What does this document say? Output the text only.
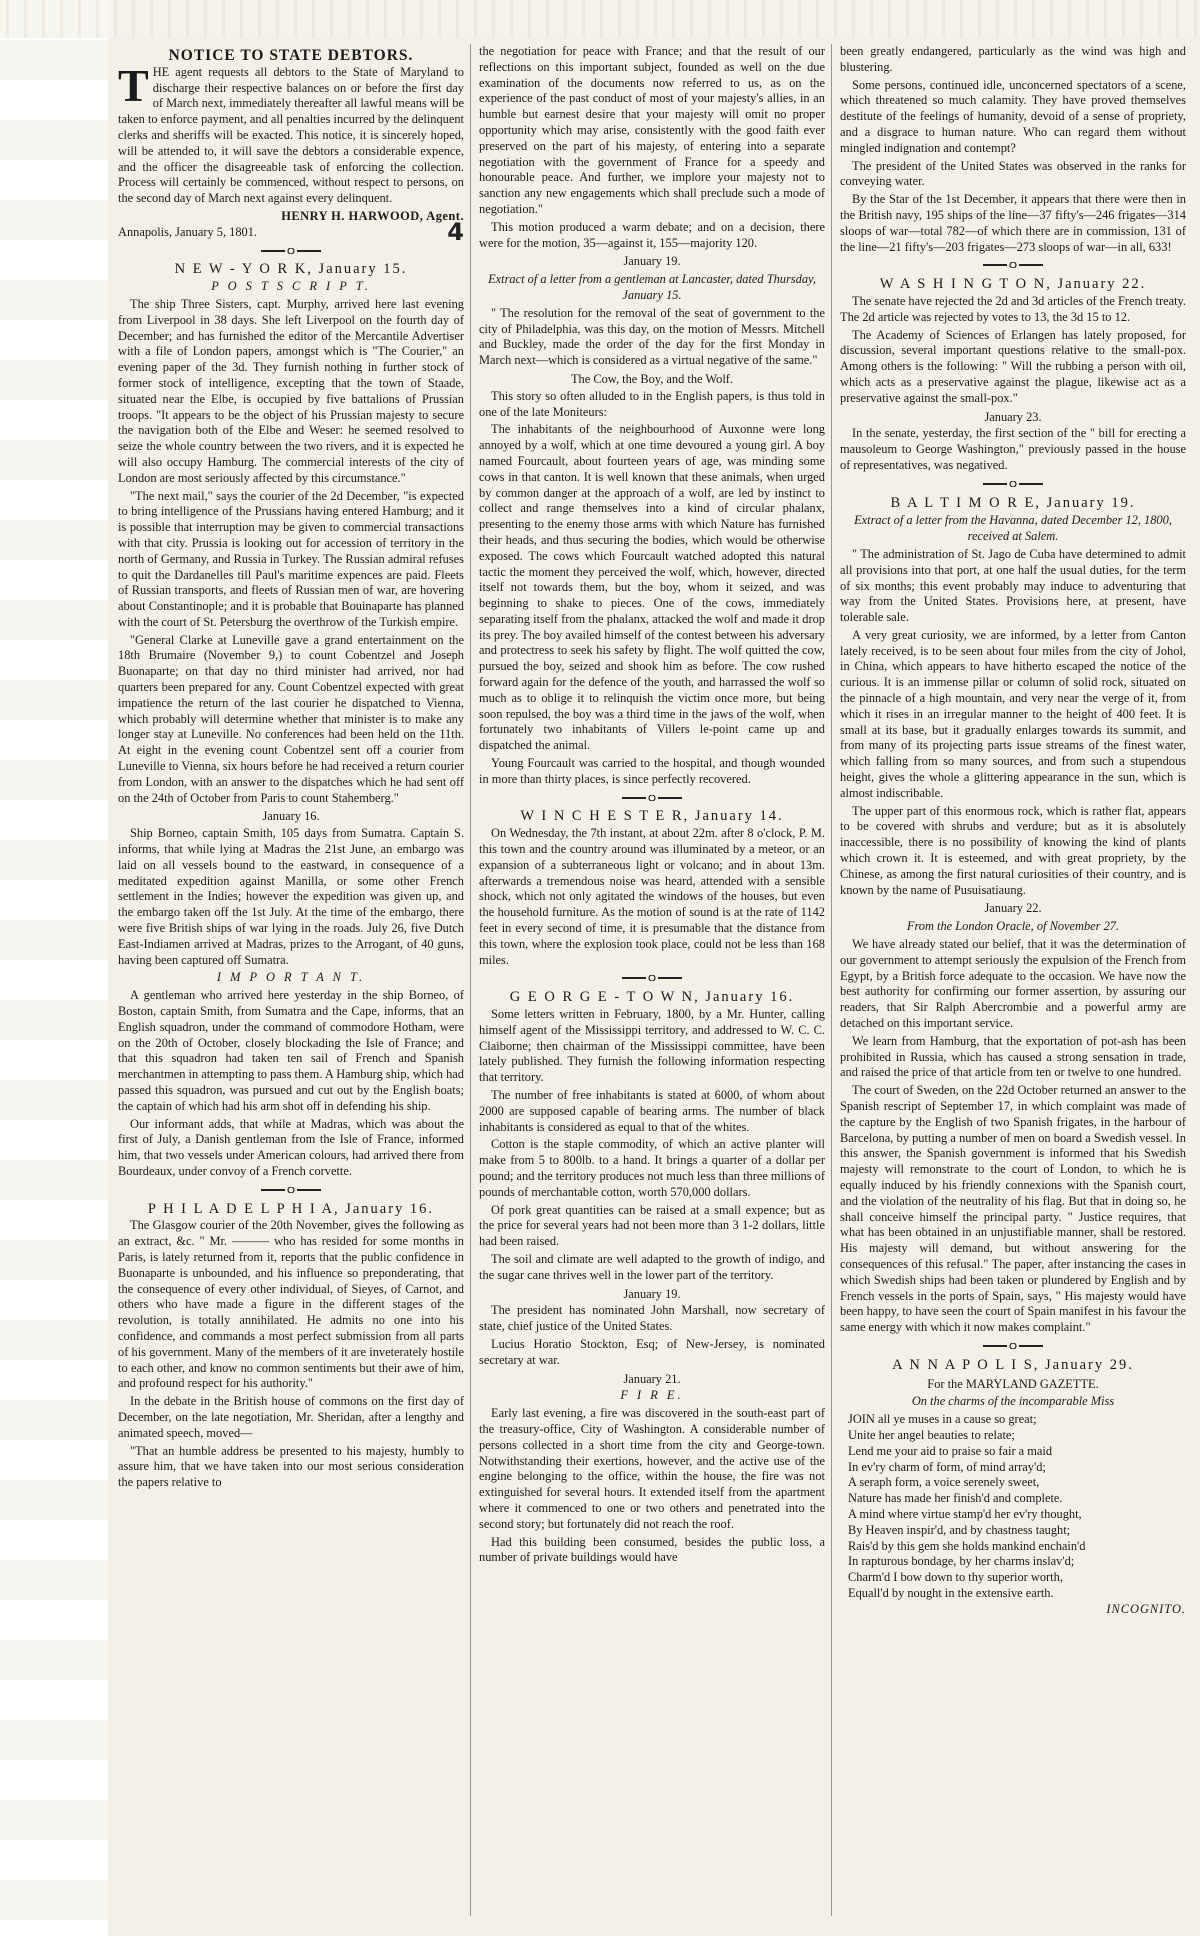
NOTICE TO STATE DEBTORS.

THE agent requests all debtors to the State of Maryland to discharge their respective balances on or before the first day of March next, immediately thereafter all lawful means will be taken to enforce payment, and all penalties incurred by the delinquent clerks and sheriffs will be exacted. This notice, it is sincerely hoped, will be attended to, it will save the debtors a considerable expence, and the officer the disagreeable task of enforcing the collection. Process will certainly be commenced, without respect to persons, on the second day of March next against every delinquent.

HENRY H. HARWOOD, Agent.
Annapolis, January 5, 1801.	4
N E W - Y O R K, January 15.
P O S T S C R I P T.

The ship Three Sisters, capt. Murphy, arrived here last evening from Liverpool in 38 days. She left Liverpool on the fourth day of December; and has furnished the editor of the Mercantile Advertiser with a file of London papers, amongst which is "The Courier," an evening paper of the 3d. They furnish nothing in further stock of former stock of intelligence, excepting that the town of Staade, situated near the Elbe, is occupied by five battalions of Prussian troops. "It appears to be the object of his Prussian majesty to secure the navigation both of the Elbe and Weser: he seemed resolved to seize the whole country between the two rivers, and it is expected he will also occupy Hamburg. The commercial interests of the city of London are most seriously affected by this circumstance."

"The next mail," says the courier of the 2d December, "is expected to bring intelligence of the Prussians having entered Hamburg; and it is possible that interruption may be given to commercial transactions with that city. Prussia is looking out for accession of territory in the north of Germany, and Russia in Turkey. The Russian admiral refuses to quit the Dardanelles till Paul's maritime expences are paid. Fleets of Russian transports, and fleets of Russian men of war, are hovering about Constantinople; and it is probable that Bouinaparte has planned with the court of St. Petersburg the overthrow of the Turkish empire.

"General Clarke at Luneville gave a grand entertainment on the 18th Brumaire (November 9,) to count Cobentzel and Joseph Buonaparte; on that day no third minister had arrived, nor had quarters been prepared for any. Count Cobentzel expected with great impatience the return of the last courier he dispatched to Vienna, which probably will determine whether that minister is to make any longer stay at Luneville. No conferences had been held on the 11th. At eight in the evening count Cobentzel sent off a courier from Luneville to Vienna, six hours before he had received a return courier from London, with an answer to the dispatches which he had sent off on the 24th of October from Paris to count Stahemberg."

January 16.

Ship Borneo, captain Smith, 105 days from Sumatra. Captain S. informs, that while lying at Madras the 21st June, an embargo was laid on all vessels bound to the eastward, in consequence of a meditated expedition against Manilla, or some other French settlement in the Indies; however the expedition was given up, and the embargo taken off the 1st July. At the time of the embargo, there were five British ships of war lying in the roads. July 26, five Dutch East-Indiamen arrived at Madras, prizes to the Arrogant, of 40 guns, having been captured off Sumatra.

I M P O R T A N T.

A gentleman who arrived here yesterday in the ship Borneo, of Boston, captain Smith, from Sumatra and the Cape, informs, that an English squadron, under the command of commodore Hotham, were on the 20th of October, closely blockading the Isle of France; and that this squadron had taken ten sail of French and Spanish merchantmen in attempting to pass them. A Hamburg ship, which had passed this squadron, was pursued and cut out by the English boats; the captain of which had his arm shot off in defending his ship.

Our informant adds, that while at Madras, which was about the first of July, a Danish gentleman from the Isle of France, informed him, that two vessels under American colours, had arrived there from Bourdeaux, under convoy of a French corvette.

P H I L A D E L P H I A, January 16.

The Glasgow courier of the 20th November, gives the following as an extract, &c. " Mr. ——— who has resided for some months in Paris, is lately returned from it, reports that the public confidence in Buonaparte is unbounded, and his influence so preponderating, that the consequence of every other individual, of Sieyes, of Carnot, and others who have made a figure in the different stages of the revolution, is totally annihilated. He admits no one into his confidence, and commands a most perfect submission from all parts of his government. Many of the members of it are inveterately hostile to each other, and know no common sentiments but their awe of him, and profound respect for his authority."

In the debate in the British house of commons on the first day of December, on the late negotiation, Mr. Sheridan, after a lengthy and animated speech, moved—

"That an humble address be presented to his majesty, humbly to assure him, that we have taken into our most serious consideration the papers relative to

the negotiation for peace with France; and that the result of our reflections on this important subject, founded as well on the due examination of the documents now referred to us, as on the experience of the past conduct of most of your majesty's allies, in an humble but earnest desire that your majesty will omit no proper opportunity which may arise, consistently with the good faith ever preserved on the part of his majesty, of entering into a separate negotiation with the government of France for a speedy and honourable peace. And further, we implore your majesty not to sanction any new engagements which shall preclude such a mode of negotiation."

This motion produced a warm debate; and on a decision, there were for the motion, 35—against it, 155—majority 120.

January 19.
Extract of a letter from a gentleman at Lancaster, dated Thursday, January 15.

" The resolution for the removal of the seat of government to the city of Philadelphia, was this day, on the motion of Messrs. Mitchell and Buckley, made the order of the day for the first Monday in March next—which is considered as a virtual negative of the same."

The Cow, the Boy, and the Wolf.

This story so often alluded to in the English papers, is thus told in one of the late Moniteurs:

The inhabitants of the neighbourhood of Auxonne were long annoyed by a wolf, which at one time devoured a young girl. A boy named Fourcault, about fourteen years of age, was minding some cows in that canton. It is well known that these animals, when urged by common danger at the approach of a wolf, are led by instinct to collect and range themselves into a kind of circular phalanx, presenting to the enemy those arms with which Nature has furnished their heads, and thus securing the bodies, which would be otherwise exposed. The cows which Fourcault watched adopted this natural tactic the moment they perceived the wolf, which, however, directed itself not towards them, but the boy, whom it seized, and was beginning to shake to pieces. One of the cows, immediately separating itself from the phalanx, attacked the wolf and made it drop its prey. The boy availed himself of the contest between his adversary and protectress to seek his safety by flight. The wolf quitted the cow, pursued the boy, seized and shook him as before. The cow rushed forward again for the defence of the youth, and harrassed the wolf so much as to oblige it to relinquish the victim once more, but being soon repulsed, the boy was a third time in the jaws of the wolf, when fortunately two inhabitants of Villers le-point came up and dispatched the animal.

Young Fourcault was carried to the hospital, and though wounded in more than thirty places, is since perfectly recovered.

W I N C H E S T E R, January 14.

On Wednesday, the 7th instant, at about 22m. after 8 o'clock, P. M. this town and the country around was illuminated by a meteor, or an expansion of a subterraneous light or volcano; and in about 13m. afterwards a tremendous noise was heard, attended with a sensible shock, which not only agitated the windows of the houses, but even the household furniture. As the motion of sound is at the rate of 1142 feet in every second of time, it is presumable that the distance from this town, where the explosion took place, could not be less than 168 miles.

G E O R G E - T O W N, January 16.

Some letters written in February, 1800, by a Mr. Hunter, calling himself agent of the Mississippi territory, and addressed to W. C. C. Claiborne; then chairman of the Mississippi committee, have been lately published. They furnish the following information respecting that territory.

The number of free inhabitants is stated at 6000, of whom about 2000 are supposed capable of bearing arms. The number of black inhabitants is considered as equal to that of the whites.

Cotton is the staple commodity, of which an active planter will make from 5 to 800lb. to a hand. It brings a quarter of a dollar per pound; and the territory produces not much less than three millions of pounds of merchantable cotton, worth 570,000 dollars.

Of pork great quantities can be raised at a small expence; but as the price for several years had not been more than 3 1-2 dollars, little had been raised.

The soil and climate are well adapted to the growth of indigo, and the sugar cane thrives well in the lower part of the territory.

January 19.

The president has nominated John Marshall, now secretary of state, chief justice of the United States.

Lucius Horatio Stockton, Esq; of New-Jersey, is nominated secretary at war.

January 21.
F I R E.

Early last evening, a fire was discovered in the south-east part of the treasury-office, City of Washington. A considerable number of persons collected in a short time from the city and George-town. Notwithstanding their exertions, however, and the active use of the engine belonging to the office, within the house, the fire was not extinguished for several hours. It extended itself from the apartment where it commenced to one or two others and penetrated into the second story; but fortunately did not reach the roof.

Had this building been consumed, besides the public loss, a number of private buildings would have

been greatly endangered, particularly as the wind was high and blustering.

Some persons, continued idle, unconcerned spectators of a scene, which threatened so much calamity. They have proved themselves destitute of the feelings of humanity, devoid of a sense of propriety, and a disgrace to human nature. Who can regard them without mingled indignation and contempt?

The president of the United States was observed in the ranks for conveying water.

By the Star of the 1st December, it appears that there were then in the British navy, 195 ships of the line—37 fifty's—246 frigates—314 sloops of war—total 782—of which there are in commission, 131 of the line—21 fifty's—203 frigates—273 sloops of war—in all, 633!

W A S H I N G T O N, January 22.

The senate have rejected the 2d and 3d articles of the French treaty. The 2d article was rejected by votes to 13, the 3d 15 to 12.

The Academy of Sciences of Erlangen has lately proposed, for discussion, several important questions relative to the small-pox. Among others is the following: " Will the rubbing a person with oil, which acts as a preservative against the plague, likewise act as a preservative against the small-pox."

January 23.

In the senate, yesterday, the first section of the " bill for erecting a mausoleum to George Washington," previously passed in the house of representatives, was negatived.

B A L T I M O R E, January 19.
Extract of a letter from the Havanna, dated December 12, 1800, received at Salem.

" The administration of St. Jago de Cuba have determined to admit all provisions into that port, at one half the usual duties, for the term of six months; this event probably may induce to adventuring that way from the United States. Provisions here, at present, have tolerable sale.

A very great curiosity, we are informed, by a letter from Canton lately received, is to be seen about four miles from the city of Johol, in China, which appears to have hitherto escaped the notice of the curious. It is an immense pillar or column of solid rock, situated on the pinnacle of a high mountain, and very near the verge of it, from which it rises in an irregular manner to the height of 400 feet. It is small at its base, but it gradually enlarges towards its summit, and from many of its projecting parts issue streams of the finest water, which falling from so many sources, and from such a stupendous height, gives the whole a glittering appearance in the sun, which is almost indiscribable.

The upper part of this enormous rock, which is rather flat, appears to be covered with shrubs and verdure; but as it is absolutely inaccessible, there is no possibility of knowing the kind of plants which crown it. It is esteemed, and with great propriety, by the Chinese, as among the first natural curiosities of their country, and is known by the name of Pusuisatiaung.

January 22.
From the London Oracle, of November 27.

We have already stated our belief, that it was the determination of our government to attempt seriously the expulsion of the French from Egypt, by a British force adequate to the occasion. We have now the best authority for confirming our former assertion, by assuring our readers, that Sir Ralph Abercrombie and a powerful army are detached on this important service.

We learn from Hamburg, that the exportation of pot-ash has been prohibited in Russia, which has caused a strong sensation in trade, and raised the price of that article from ten or twelve to one hundred.

The court of Sweden, on the 22d October returned an answer to the Spanish rescript of September 17, in which complaint was made of the capture by the English of two Spanish frigates, in the harbour of Barcelona, by putting a number of men on board a Swedish vessel. In this answer, the Spanish government is informed that his Swedish majesty will remonstrate to the court of London, to which he is equally induced by his friendly connexions with the Spanish court, and the violation of the neutrality of his flag. But that in doing so, he shall conceive himself the principal party. " Justice requires, that what has been obtained in an unjustifiable manner, shall be restored. His majesty will demand, but without answering for the consequences of this refusal." The paper, after instancing the cases in which Swedish ships had been taken or plundered by English and by French vessels in the ports of Spain, says, " His majesty would have been happy, to have seen the court of Spain manifest in his favour the same energy with which it now makes complaint."

A N N A P O L I S, January 29.
For the MARYLAND GAZETTE.
On the charms of the incomparable Miss

JOIN all ye muses in a cause so great;

Unite her angel beauties to relate;

Lend me your aid to praise so fair a maid

In ev'ry charm of form, of mind array'd;

A seraph form, a voice serenely sweet,

Nature has made her finish'd and complete.

A mind where virtue stamp'd her ev'ry thought,

By Heaven inspir'd, and by chastness taught;

Rais'd by this gem she holds mankind enchain'd

In rapturous bondage, by her charms inslav'd;

Charm'd I bow down to thy superior worth,

Equall'd by nought in the extensive earth.

INCOGNITO.
